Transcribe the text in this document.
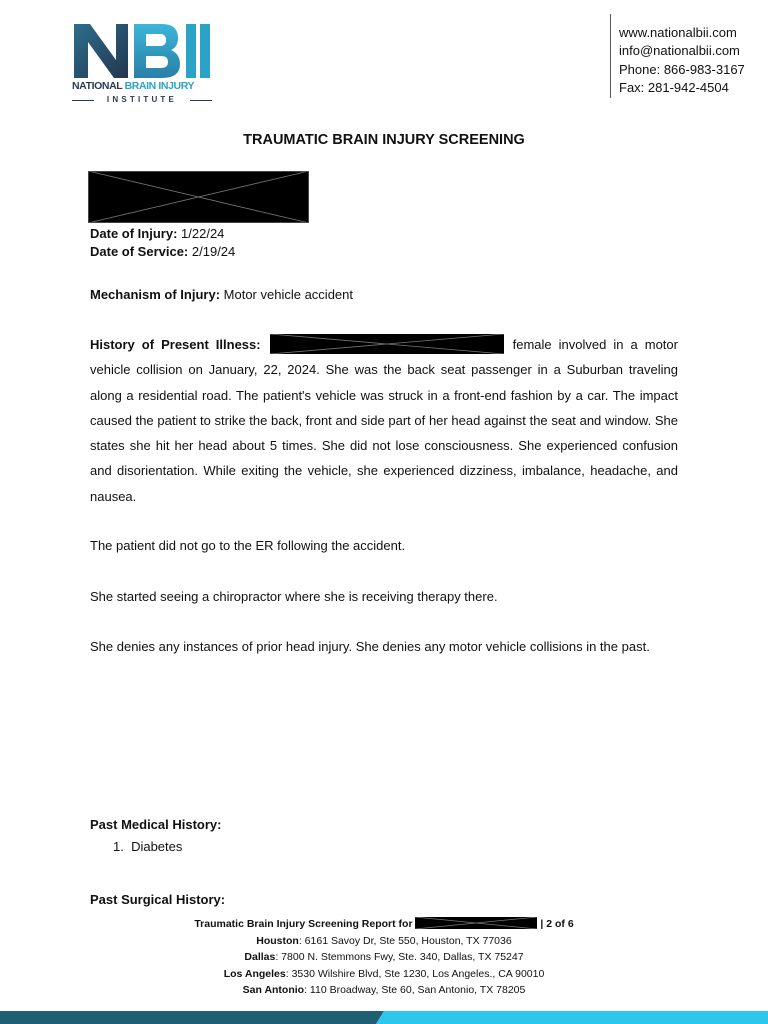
NATIONAL BRAIN INJURY
INSTITUTE
www.nationalbii.com
info@nationalbii.com
Phone: 866-983-3167
Fax: 281-942-4504
TRAUMATIC BRAIN INJURY SCREENING
Date of Injury: 1/22/24
Date of Service: 2/19/24
Mechanism of Injury: Motor vehicle accident
History of Present Illness:	female involved in a motor vehicle collision on January, 22, 2024. She was the back seat passenger in a Suburban traveling along a residential road. The patient's vehicle was struck in a front-end fashion by a car. The impact caused the patient to strike the back, front and side part of her head against the seat and window. She states she hit her head about 5 times. She did not lose consciousness. She experienced confusion and disorientation. While exiting the vehicle, she experienced dizziness, imbalance, headache, and nausea.
The patient did not go to the ER following the accident.
She started seeing a chiropractor where she is receiving therapy there.
She denies any instances of prior head injury. She denies any motor vehicle collisions in the past.
Past Medical History:
1.  Diabetes
Past Surgical History:
Traumatic Brain Injury Screening Report for	| 2 of 6
Houston: 6161 Savoy Dr, Ste 550, Houston, TX 77036
Dallas: 7800 N. Stemmons Fwy, Ste. 340, Dallas, TX 75247
Los Angeles: 3530 Wilshire Blvd, Ste 1230, Los Angeles., CA 90010
San Antonio: 110 Broadway, Ste 60, San Antonio, TX 78205
